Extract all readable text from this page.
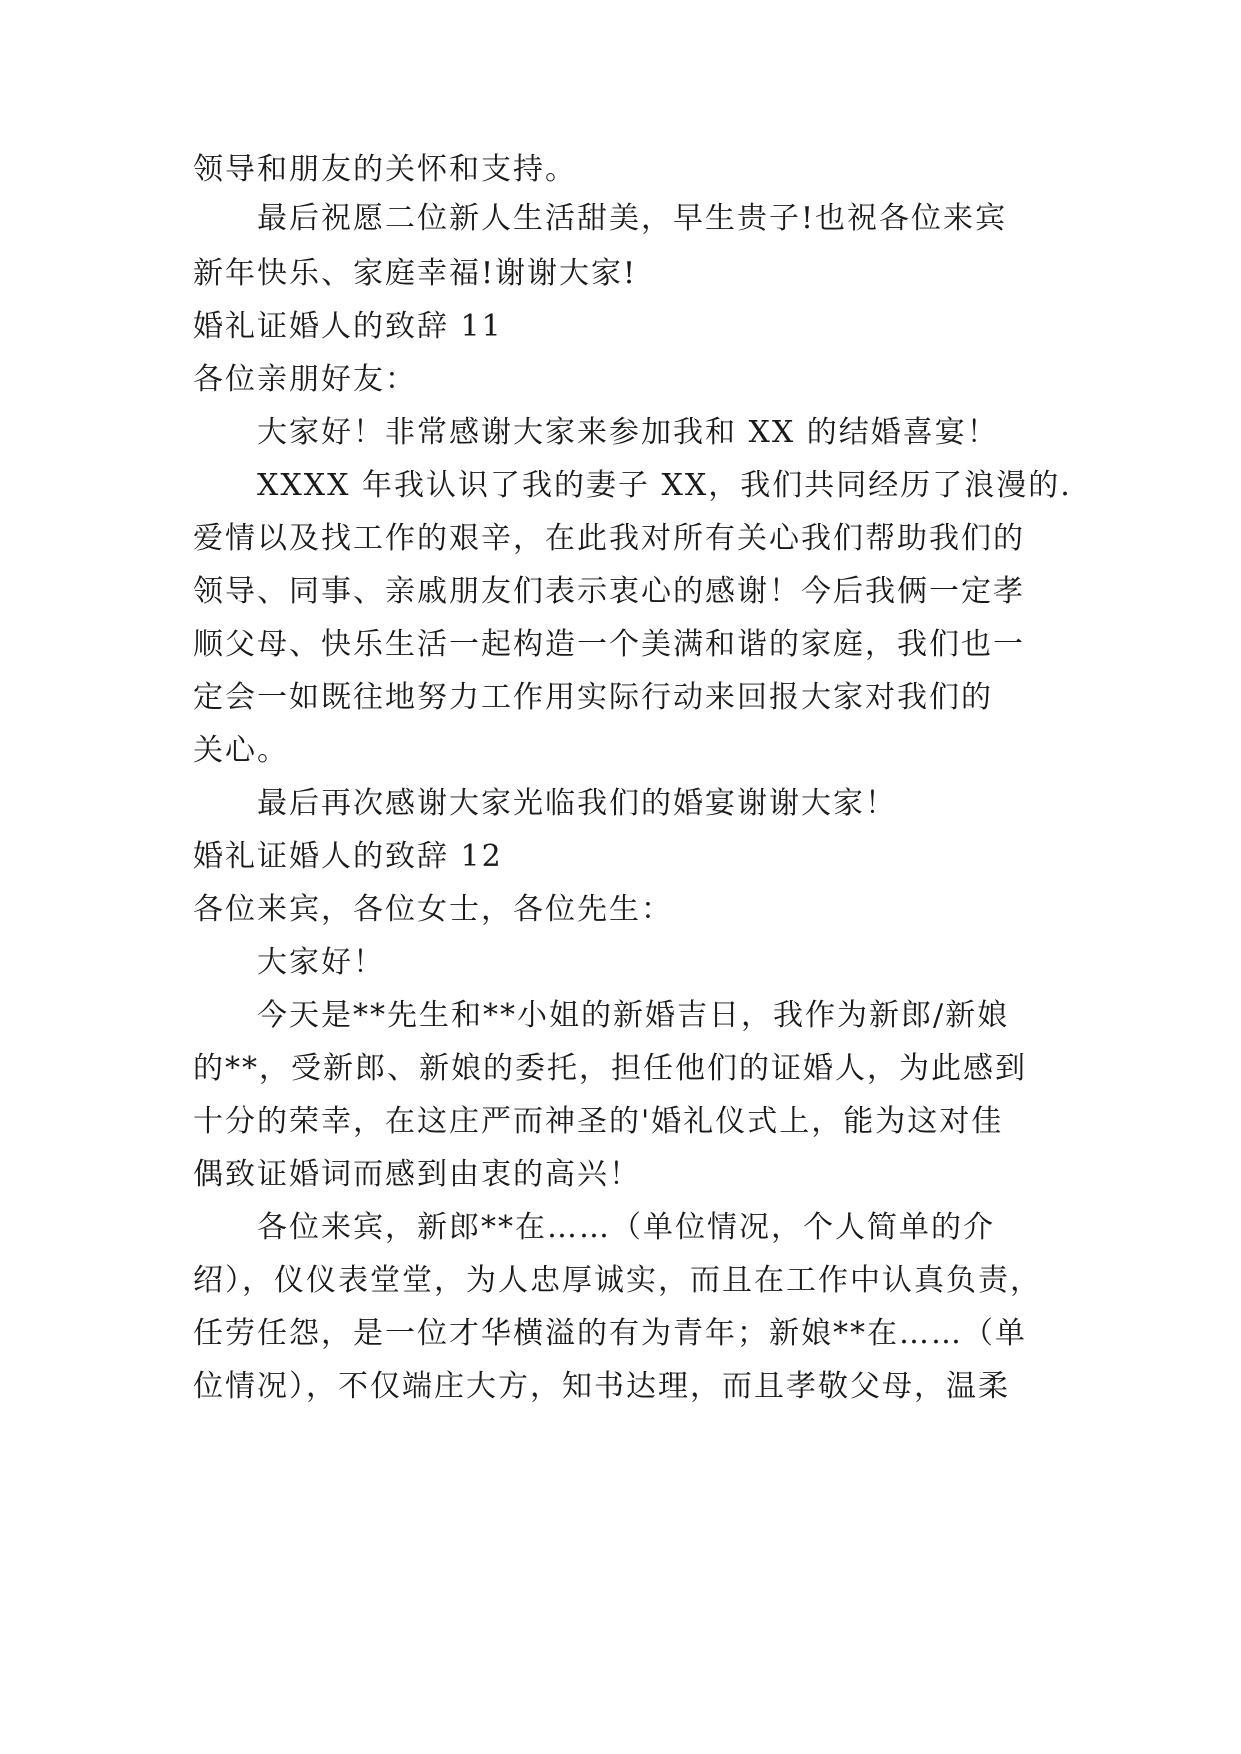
领导和朋友的关怀和支持。
最后祝愿二位新人生活甜美，早生贵子!也祝各位来宾
新年快乐、家庭幸福!谢谢大家!
婚礼证婚人的致辞 11
各位亲朋好友：
大家好！非常感谢大家来参加我和 XX 的结婚喜宴！
XXXX 年我认识了我的妻子 XX，我们共同经历了浪漫的.
爱情以及找工作的艰辛，在此我对所有关心我们帮助我们的
领导、同事、亲戚朋友们表示衷心的感谢！今后我俩一定孝
顺父母、快乐生活一起构造一个美满和谐的家庭，我们也一
定会一如既往地努力工作用实际行动来回报大家对我们的
关心。
最后再次感谢大家光临我们的婚宴谢谢大家！
婚礼证婚人的致辞 12
各位来宾，各位女士，各位先生：
大家好！
今天是**先生和**小姐的新婚吉日，我作为新郎/新娘
的**，受新郎、新娘的委托，担任他们的证婚人，为此感到
十分的荣幸，在这庄严而神圣的'婚礼仪式上，能为这对佳
偶致证婚词而感到由衷的高兴！
各位来宾，新郎**在……（单位情况，个人简单的介
绍），仪仪表堂堂，为人忠厚诚实，而且在工作中认真负责，
任劳任怨，是一位才华横溢的有为青年；新娘**在……（单
位情况），不仅端庄大方，知书达理，而且孝敬父母，温柔
